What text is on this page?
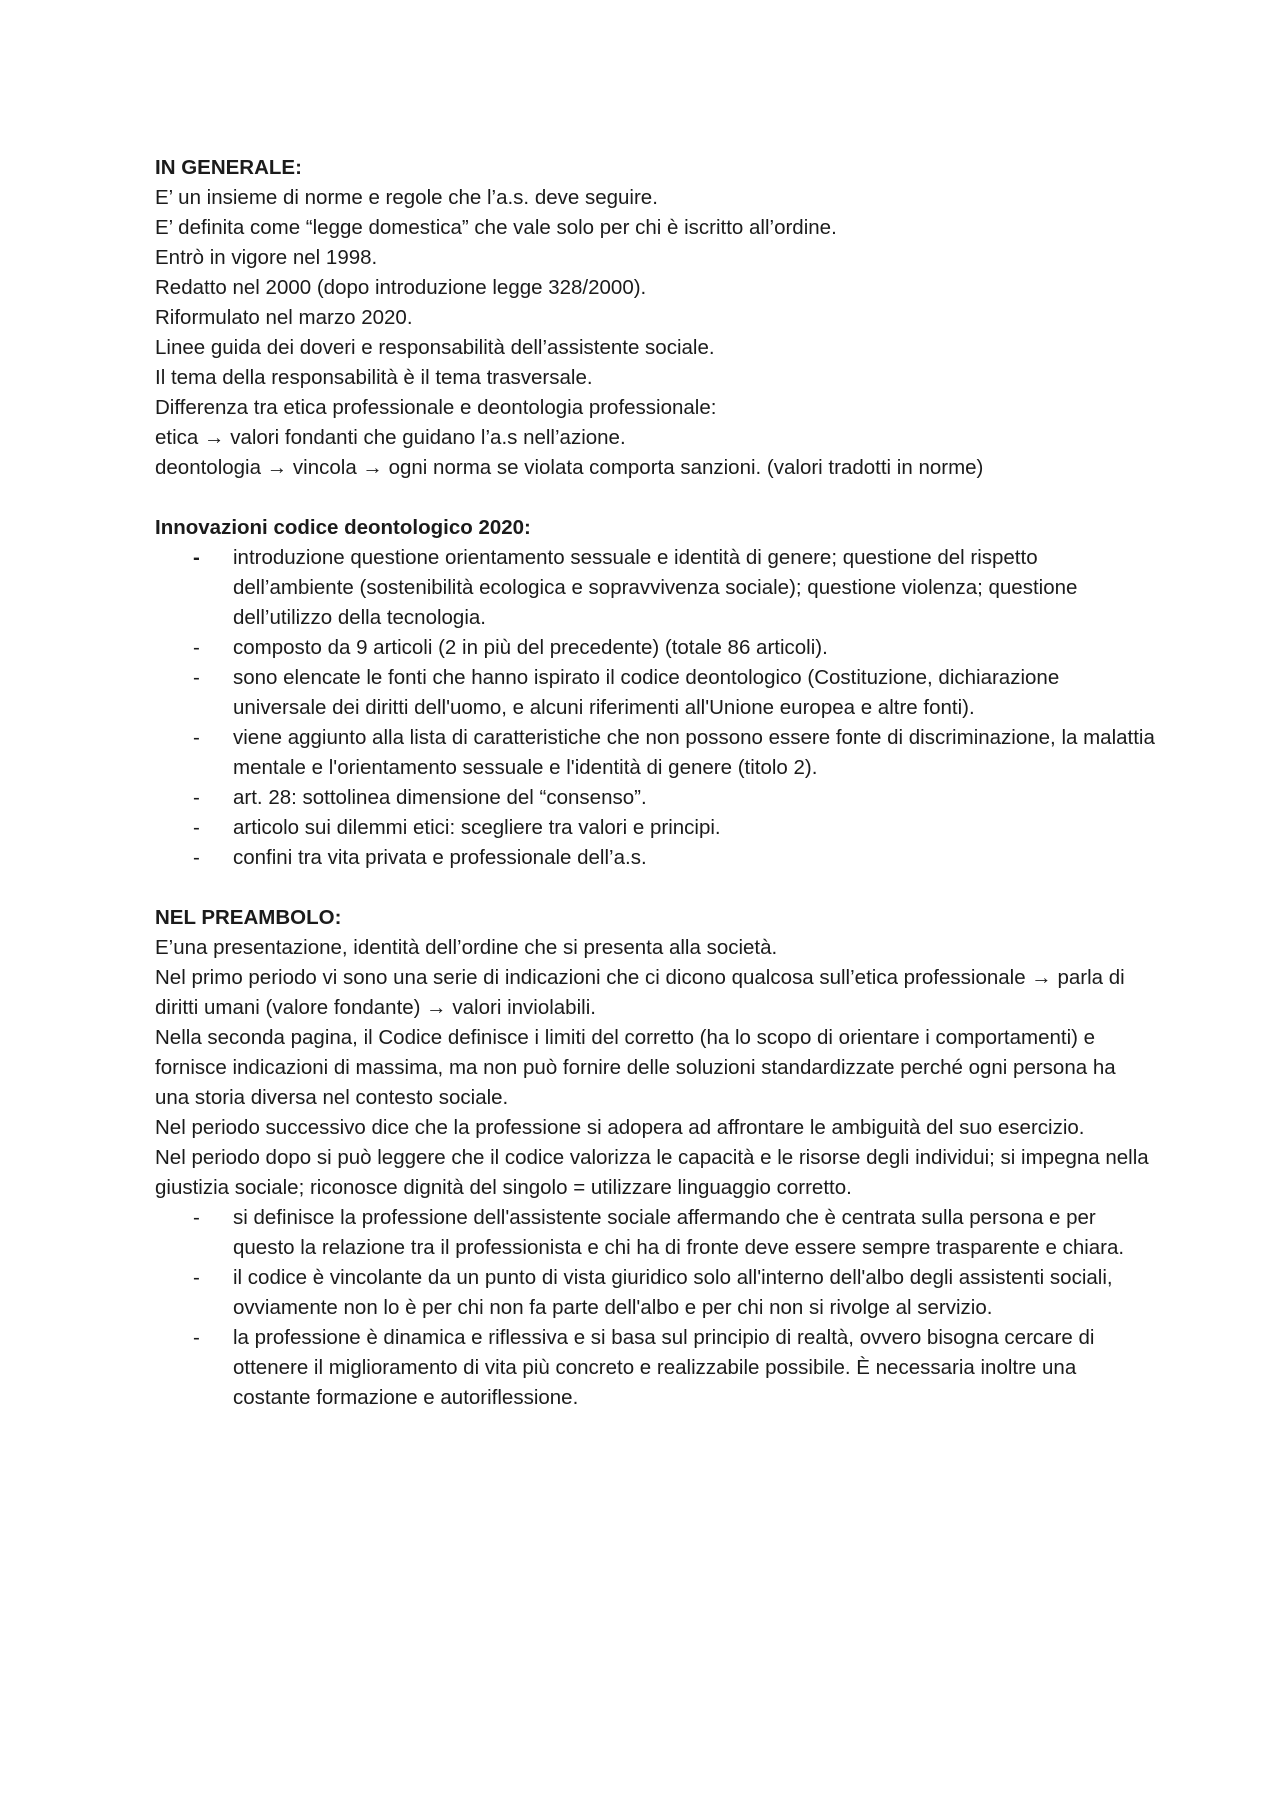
IN GENERALE:

E’ un insieme di norme e regole che l’a.s. deve seguire.

E’ definita come “legge domestica” che vale solo per chi è iscritto all’ordine.

Entrò in vigore nel 1998.

Redatto nel 2000 (dopo introduzione legge 328/2000).

Riformulato nel marzo 2020.

Linee guida dei doveri e responsabilità dell’assistente sociale.

Il tema della responsabilità è il tema trasversale.

Differenza tra etica professionale e deontologia professionale:

etica → valori fondanti che guidano l’a.s nell’azione.

deontologia → vincola → ogni norma se violata comporta sanzioni. (valori tradotti in norme)

Innovazioni codice deontologico 2020:

-	introduzione questione orientamento sessuale e identità di genere; questione del rispetto dell’ambiente (sostenibilità ecologica e sopravvivenza sociale); questione violenza; questione dell’utilizzo della tecnologia.
-	composto da 9 articoli (2 in più del precedente) (totale 86 articoli).
-	sono elencate le fonti che hanno ispirato il codice deontologico (Costituzione, dichiarazione universale dei diritti dell'uomo, e alcuni riferimenti all'Unione europea e altre fonti).
-	viene aggiunto alla lista di caratteristiche che non possono essere fonte di discriminazione, la malattia mentale e l'orientamento sessuale e l'identità di genere (titolo 2).
-	art. 28: sottolinea dimensione del “consenso”.
-	articolo sui dilemmi etici: scegliere tra valori e principi.
-	confini tra vita privata e professionale dell’a.s.

NEL PREAMBOLO:

E’una presentazione, identità dell’ordine che si presenta alla società.

Nel primo periodo vi sono una serie di indicazioni che ci dicono qualcosa sull’etica professionale → parla di diritti umani (valore fondante) → valori inviolabili.

Nella seconda pagina, il Codice definisce i limiti del corretto (ha lo scopo di orientare i comportamenti) e fornisce indicazioni di massima, ma non può fornire delle soluzioni standardizzate perché ogni persona ha una storia diversa nel contesto sociale.

Nel periodo successivo dice che la professione si adopera ad affrontare le ambiguità del suo esercizio.

Nel periodo dopo si può leggere che il codice valorizza le capacità e le risorse degli individui; si impegna nella giustizia sociale; riconosce dignità del singolo = utilizzare linguaggio corretto.

-	si definisce la professione dell'assistente sociale affermando che è centrata sulla persona e per questo la relazione tra il professionista e chi ha di fronte deve essere sempre trasparente e chiara.
-	il codice è vincolante da un punto di vista giuridico solo all'interno dell'albo degli assistenti sociali, ovviamente non lo è per chi non fa parte dell'albo e per chi non si rivolge al servizio.
-	la professione è dinamica e riflessiva e si basa sul principio di realtà, ovvero bisogna cercare di ottenere il miglioramento di vita più concreto e realizzabile possibile. È necessaria inoltre una costante formazione e autoriflessione.
